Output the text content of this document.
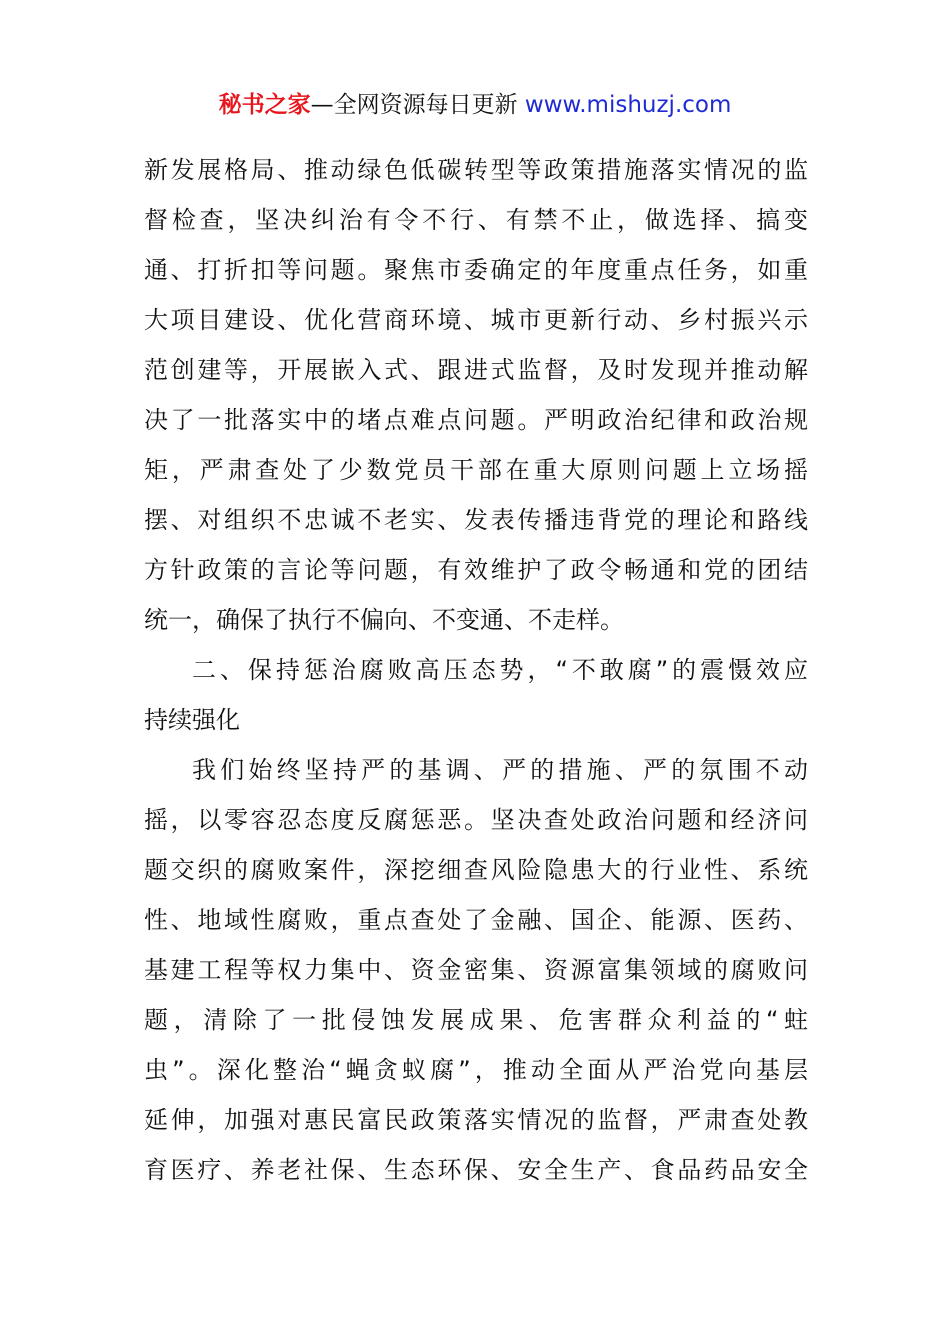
秘书之家—全网资源每日更新 www.mishuzj.com
新发展格局、推动绿色低碳转型等政策措施落实情况的监
督检查，坚决纠治有令不行、有禁不止，做选择、搞变
通、打折扣等问题。聚焦市委确定的年度重点任务，如重
大项目建设、优化营商环境、城市更新行动、乡村振兴示
范创建等，开展嵌入式、跟进式监督，及时发现并推动解
决了一批落实中的堵点难点问题。严明政治纪律和政治规
矩，严肃查处了少数党员干部在重大原则问题上立场摇
摆、对组织不忠诚不老实、发表传播违背党的理论和路线
方针政策的言论等问题，有效维护了政令畅通和党的团结
统一，确保了执行不偏向、不变通、不走样。
二、保持惩治腐败高压态势，“不敢腐”的震慑效应
持续强化
我们始终坚持严的基调、严的措施、严的氛围不动
摇，以零容忍态度反腐惩恶。坚决查处政治问题和经济问
题交织的腐败案件，深挖细查风险隐患大的行业性、系统
性、地域性腐败，重点查处了金融、国企、能源、医药、
基建工程等权力集中、资金密集、资源富集领域的腐败问
题，清除了一批侵蚀发展成果、危害群众利益的“蛀
虫”。深化整治“蝇贪蚁腐”，推动全面从严治党向基层
延伸，加强对惠民富民政策落实情况的监督，严肃查处教
育医疗、养老社保、生态环保、安全生产、食品药品安全
